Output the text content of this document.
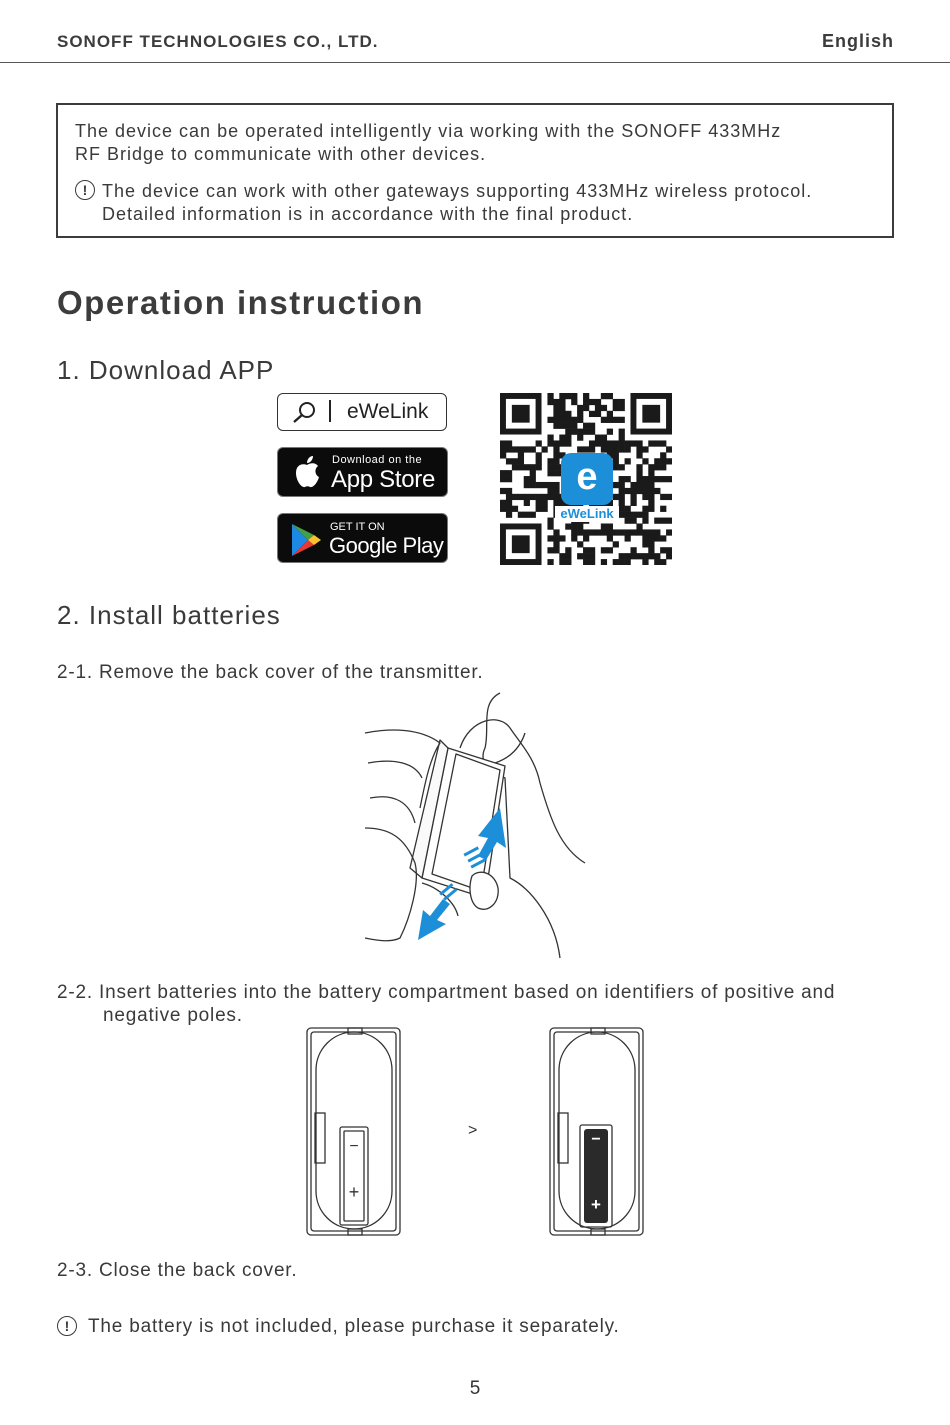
SONOFF TECHNOLOGIES CO., LTD.	English
The device can be operated intelligently via working with the SONOFF 433MHz
RF Bridge to communicate with other devices.
! The device can work with other gateways supporting 433MHz wireless protocol.
Detailed information is in accordance with the final product.
Operation instruction
1. Download APP
eWeLink
Download on the
App Store
GET IT ON
Google Play
e
eWeLink
2. Install batteries
2-1. Remove the back cover of the transmitter.
2-2. Insert batteries into the battery compartment based on identifiers of positive and
negative poles.
−
+
>
−
+
2-3. Close the back cover.
! The battery is not included, please purchase it separately.
5
